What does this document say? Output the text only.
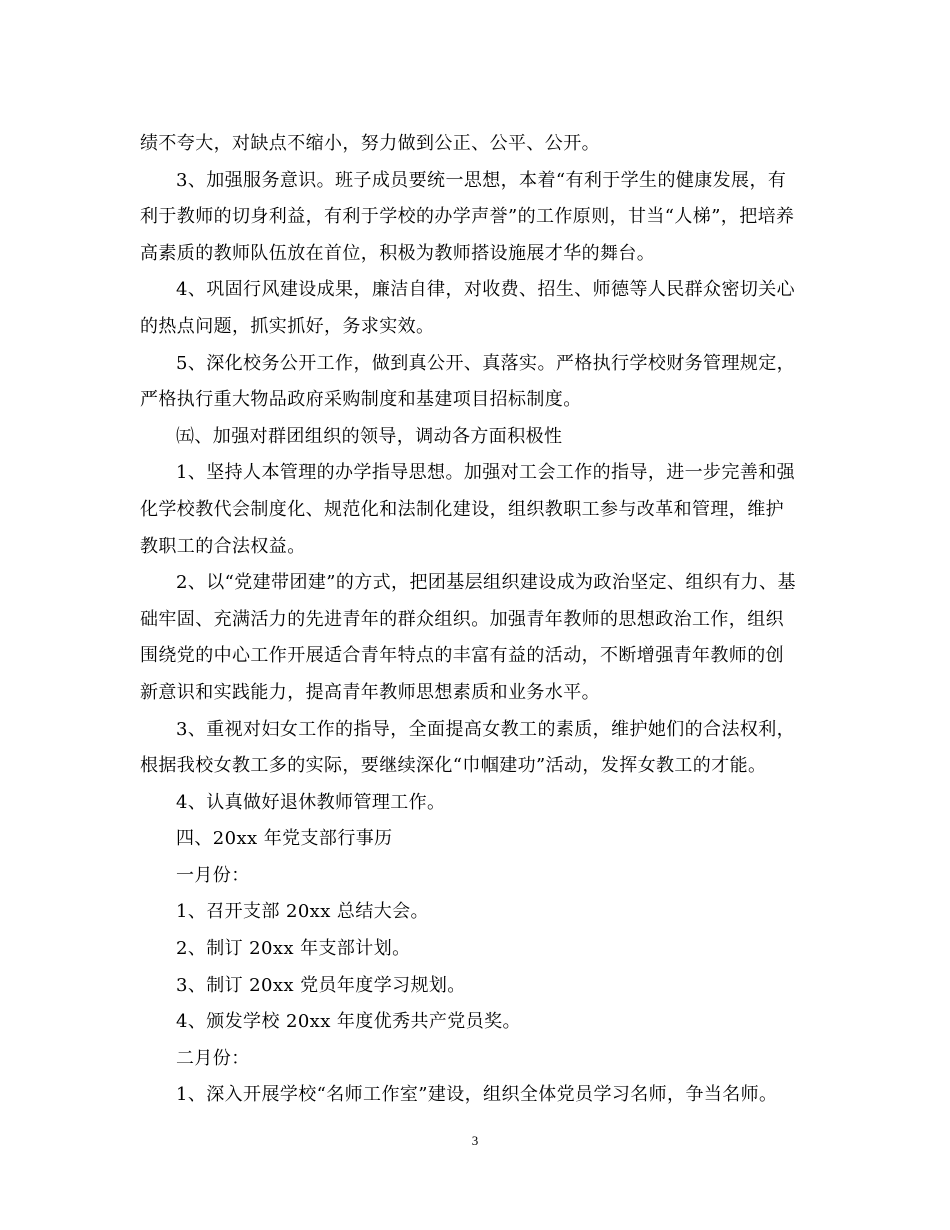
绩不夸大，对缺点不缩小，努力做到公正、公平、公开。
3、加强服务意识。班子成员要统一思想，本着“有利于学生的健康发展，有
利于教师的切身利益，有利于学校的办学声誉”的工作原则，甘当“人梯”，把培养
高素质的教师队伍放在首位，积极为教师搭设施展才华的舞台。
4、巩固行风建设成果，廉洁自律，对收费、招生、师德等人民群众密切关心
的热点问题，抓实抓好，务求实效。
5、深化校务公开工作，做到真公开、真落实。严格执行学校财务管理规定，
严格执行重大物品政府采购制度和基建项目招标制度。
㈤、加强对群团组织的领导，调动各方面积极性
1、坚持人本管理的办学指导思想。加强对工会工作的指导，进一步完善和强
化学校教代会制度化、规范化和法制化建设，组织教职工参与改革和管理，维护
教职工的合法权益。
2、以“党建带团建”的方式，把团基层组织建设成为政治坚定、组织有力、基
础牢固、充满活力的先进青年的群众组织。加强青年教师的思想政治工作，组织
围绕党的中心工作开展适合青年特点的丰富有益的活动，不断增强青年教师的创
新意识和实践能力，提高青年教师思想素质和业务水平。
3、重视对妇女工作的指导，全面提高女教工的素质，维护她们的合法权利，
根据我校女教工多的实际，要继续深化“巾帼建功”活动，发挥女教工的才能。
4、认真做好退休教师管理工作。
四、20xx 年党支部行事历
一月份：
1、召开支部 20xx 总结大会。
2、制订 20xx 年支部计划。
3、制订 20xx 党员年度学习规划。
4、颁发学校 20xx 年度优秀共产党员奖。
二月份：
1、深入开展学校“名师工作室”建设，组织全体党员学习名师，争当名师。
3
